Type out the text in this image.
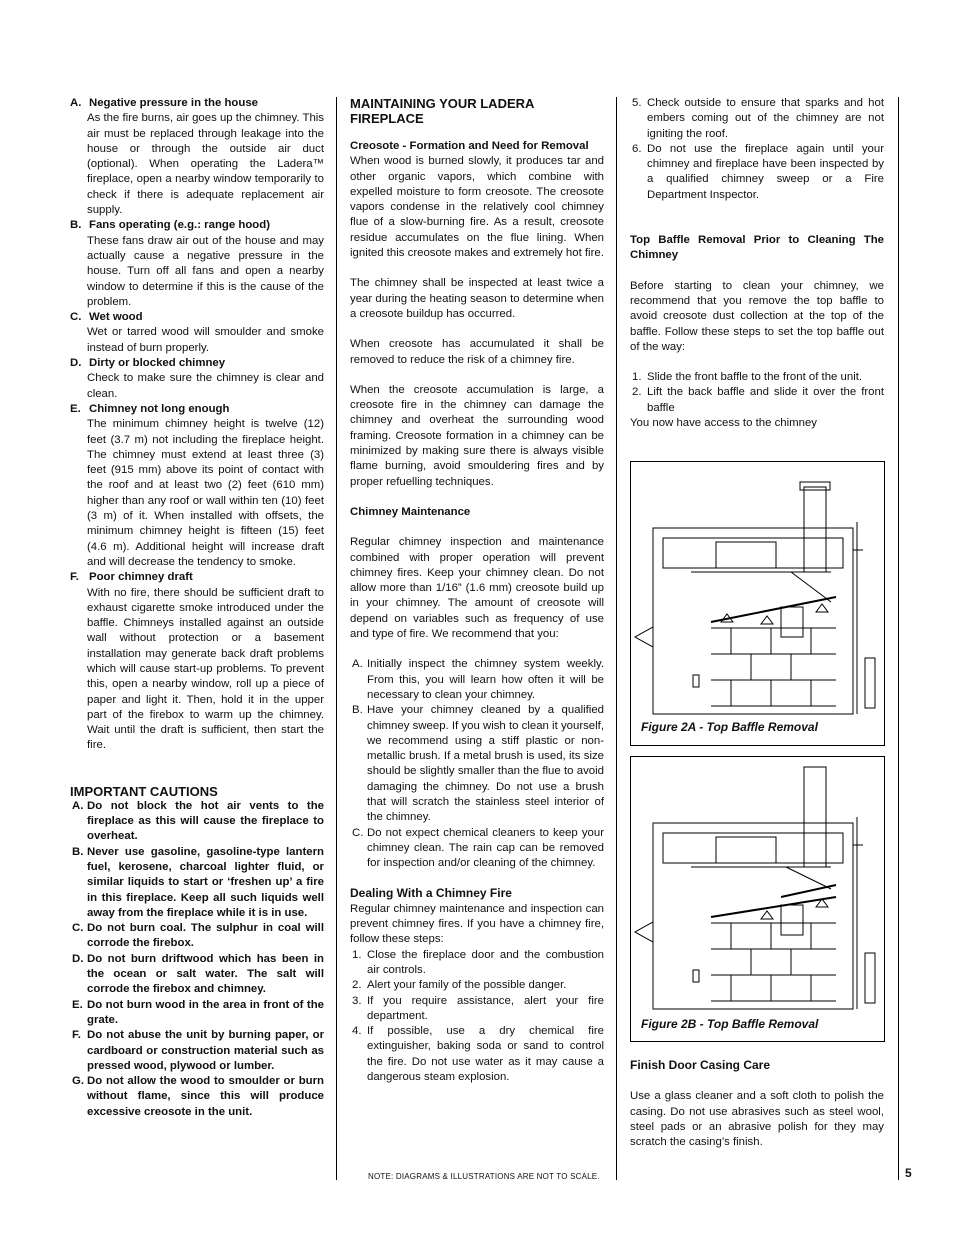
A. Negative pressure in the house

As the fire burns, air goes up the chimney. This air must be replaced through leakage into the house or through the outside air duct (optional). When operating the Ladera™ fireplace, open a nearby window temporarily to check if there is adequate replacement air supply.

B. Fans operating (e.g.: range hood)

These fans draw air out of the house and may actually cause a negative pressure in the house. Turn off all fans and open a nearby window to determine if this is the cause of the problem.

C. Wet wood

Wet or tarred wood will smoulder and smoke instead of burn properly.

D. Dirty or blocked chimney

Check to make sure the chimney is clear and clean.

E. Chimney not long enough

The minimum chimney height is twelve (12) feet (3.7 m) not including the fireplace height. The chimney must extend at least three (3) feet (915 mm) above its point of contact with the roof and at least two (2) feet (610 mm) higher than any roof or wall within ten (10) feet (3 m) of it. When installed with offsets, the minimum chimney height is fifteen (15) feet (4.6 m). Additional height will increase draft and will decrease the tendency to smoke.

F. Poor chimney draft

With no fire, there should be sufficient draft to exhaust cigarette smoke introduced under the baffle. Chimneys installed against an outside wall without protection or a basement installation may generate back draft problems which will cause start-up problems. To prevent this, open a nearby window, roll up a piece of paper and light it. Then, hold it in the upper part of the firebox to warm up the chimney. Wait until the draft is sufficient, then start the fire.

IMPORTANT CAUTIONS
A. Do not block the hot air vents to the fireplace as this will cause the fireplace to overheat.
B. Never use gasoline, gasoline-type lantern fuel, kerosene, charcoal lighter fluid, or similar liquids to start or ‘freshen up’ a fire in this fireplace. Keep all such liquids well away from the fireplace while it is in use.
C. Do not burn coal. The sulphur in coal will corrode the firebox.
D. Do not burn driftwood which has been in the ocean or salt water. The salt will corrode the firebox and chimney.
E. Do not burn wood in the area in front of the grate.
F. Do not abuse the unit by burning paper, or cardboard or construction material such as pressed wood, plywood or lumber.
G. Do not allow the wood to smoulder or burn without flame, since this will produce excessive creosote in the unit.
MAINTAINING YOUR LADERA FIREPLACE
Creosote - Formation and Need for Removal

When wood is burned slowly, it produces tar and other organic vapors, which combine with expelled moisture to form creosote. The creosote vapors condense in the relatively cool chimney flue of a slow-burning fire. As a result, creosote residue accumulates on the flue lining. When ignited this creosote makes and extremely hot fire.

The chimney shall be inspected at least twice a year during the heating season to determine when a creosote buildup has occurred.

When creosote has accumulated it shall be removed to reduce the risk of a chimney fire.

When the creosote accumulation is large, a creosote fire in the chimney can damage the chimney and overheat the surrounding wood framing. Creosote formation in a chimney can be minimized by making sure there is always visible flame burning, avoid smouldering fires and by proper refuelling techniques.

Chimney Maintenance

Regular chimney inspection and maintenance combined with proper operation will prevent chimney fires. Keep your chimney clean. Do not allow more than 1/16” (1.6 mm) creosote build up in your chimney. The amount of creosote will depend on variables such as frequency of use and type of fire. We recommend that you:

A. Initially inspect the chimney system weekly. From this, you will learn how often it will be necessary to clean your chimney.
B. Have your chimney cleaned by a qualified chimney sweep. If you wish to clean it yourself, we recommend using a stiff plastic or non-metallic brush. If a metal brush is used, its size should be slightly smaller than the flue to avoid damaging the chimney. Do not use a brush that will scratch the stainless steel interior of the chimney.
C. Do not expect chemical cleaners to keep your chimney clean. The rain cap can be removed for inspection and/or cleaning of the chimney.
Dealing With a Chimney Fire

Regular chimney maintenance and inspection can prevent chimney fires. If you have a chimney fire, follow these steps:

1. Close the fireplace door and the combustion air controls.
2. Alert your family of the possible danger.
3. If you require assistance, alert your fire department.
4. If possible, use a dry chemical fire extinguisher, baking soda or sand to control the fire. Do not use water as it may cause a dangerous steam explosion.
5. Check outside to ensure that sparks and hot embers coming out of the chimney are not igniting the roof.
6. Do not use the fireplace again until your chimney and fireplace have been inspected by a qualified chimney sweep or a Fire Department Inspector.
Top Baffle Removal Prior to Cleaning The Chimney

Before starting to clean your chimney, we recommend that you remove the top baffle to avoid creosote dust collection at the top of the baffle. Follow these steps to set the top baffle out of the way:

1. Slide the front baffle to the front of the unit.
2. Lift the back baffle and slide it over the front baffle

You now have access to the chimney

Figure 2A - Top Baffle Removal
Figure 2B - Top Baffle Removal
Finish Door Casing Care

Use a glass cleaner and a soft cloth to polish the casing. Do not use abrasives such as steel wool, steel pads or an abrasive polish for they may scratch the casing’s finish.

NOTE: DIAGRAMS & ILLUSTRATIONS ARE NOT TO SCALE.	5
